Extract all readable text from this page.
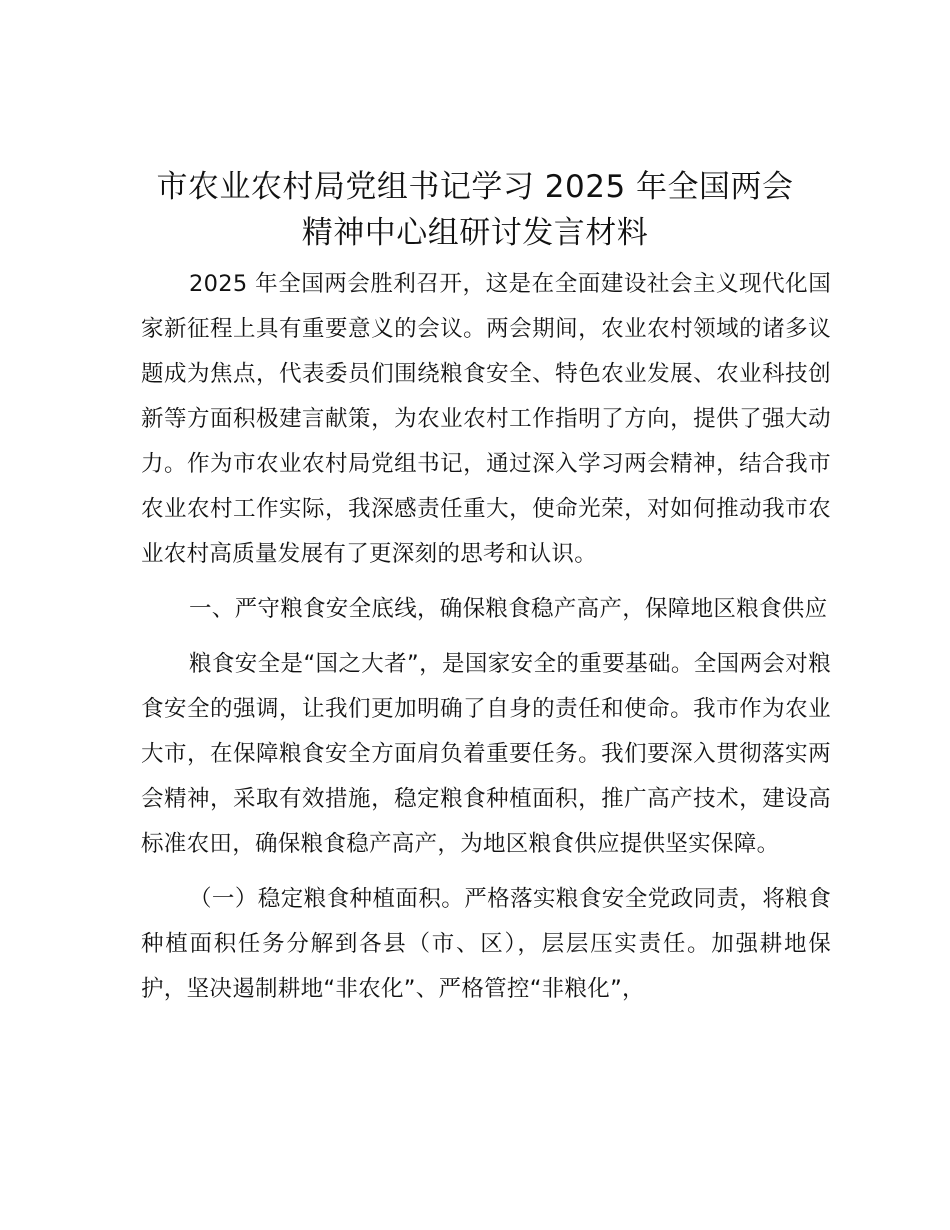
市农业农村局党组书记学习 2025 年全国两会
精神中心组研讨发言材料

2025 年全国两会胜利召开，这是在全面建设社会主义现代化国家新征程上具有重要意义的会议。两会期间，农业农村领域的诸多议题成为焦点，代表委员们围绕粮食安全、特色农业发展、农业科技创新等方面积极建言献策，为农业农村工作指明了方向，提供了强大动力。作为市农业农村局党组书记，通过深入学习两会精神，结合我市农业农村工作实际，我深感责任重大，使命光荣，对如何推动我市农业农村高质量发展有了更深刻的思考和认识。

一、严守粮食安全底线，确保粮食稳产高产，保障地区粮食供应

粮食安全是“国之大者”，是国家安全的重要基础。全国两会对粮食安全的强调，让我们更加明确了自身的责任和使命。我市作为农业大市，在保障粮食安全方面肩负着重要任务。我们要深入贯彻落实两会精神，采取有效措施，稳定粮食种植面积，推广高产技术，建设高标准农田，确保粮食稳产高产，为地区粮食供应提供坚实保障。

（一）稳定粮食种植面积。严格落实粮食安全党政同责，将粮食种植面积任务分解到各县（市、区），层层压实责任。加强耕地保护，坚决遏制耕地“非农化”、严格管控“非粮化”，
